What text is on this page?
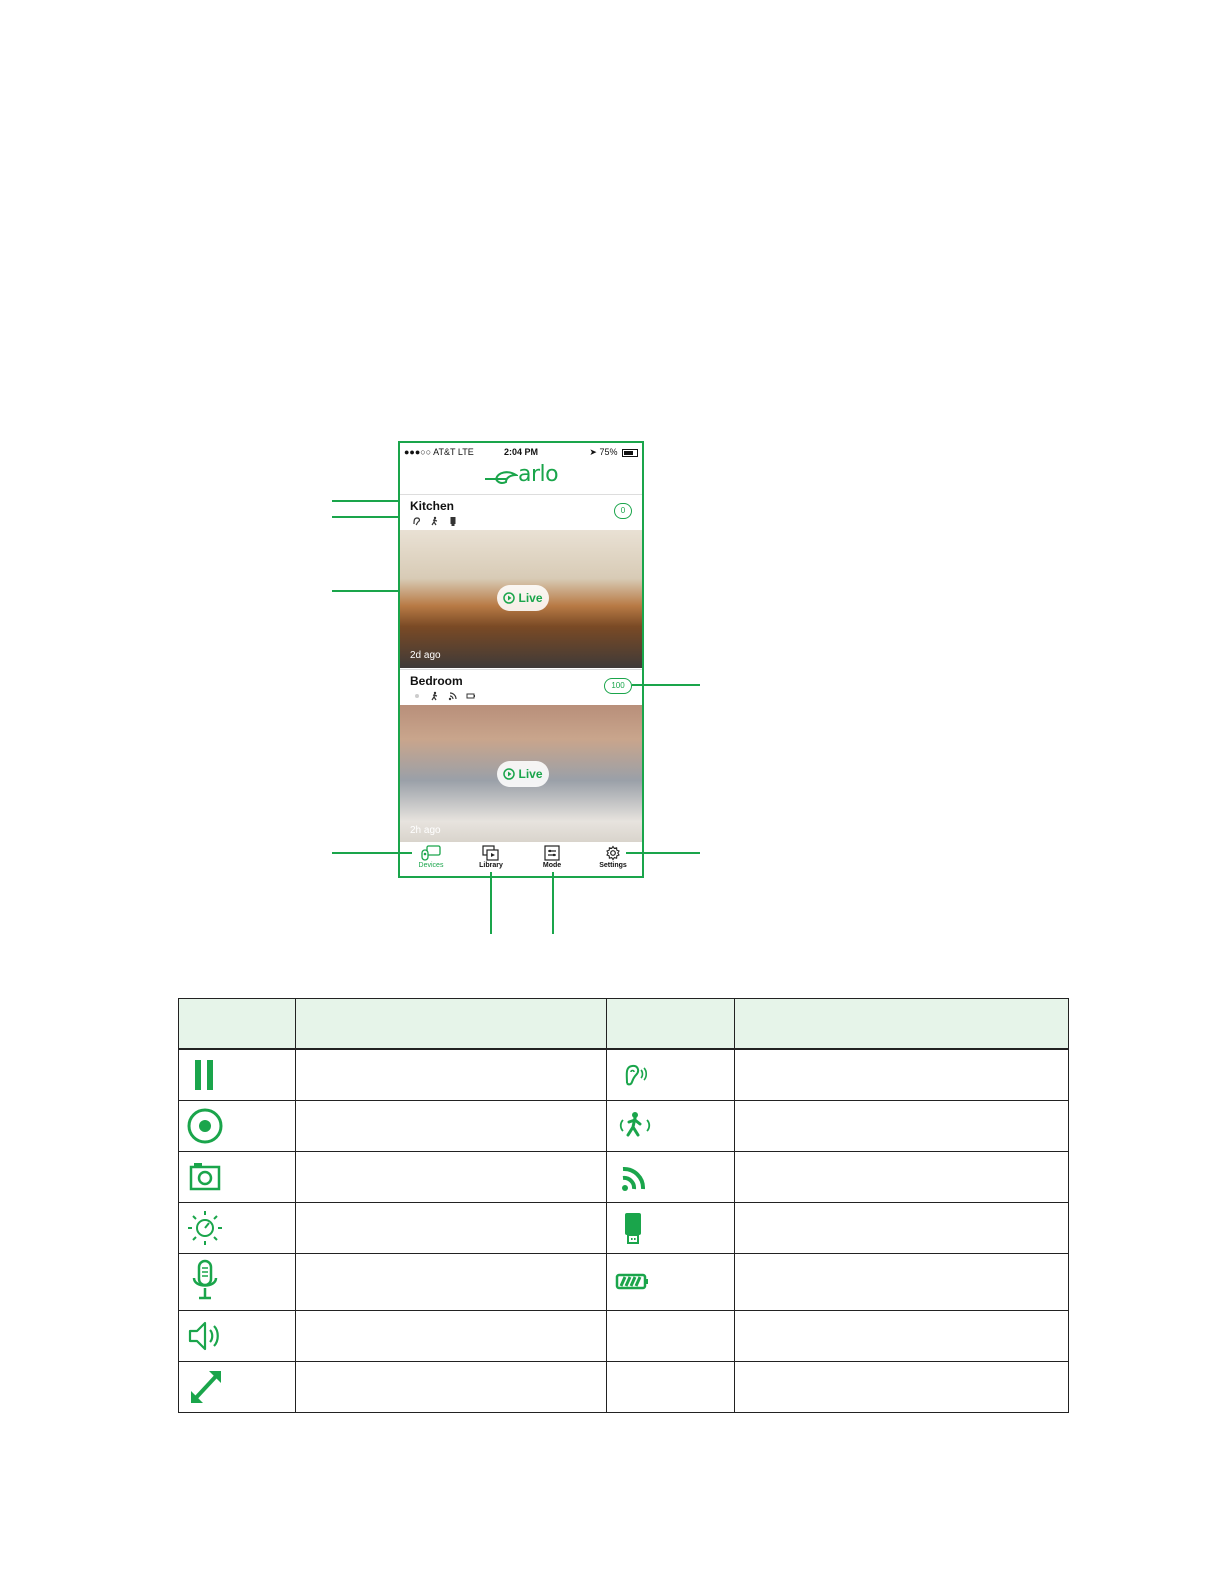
●●●○○ AT&T LTE	2:04 PM	➤ 75%
arlo
Kitchen	0
Live
2d ago
Bedroom	100
Live
2h ago
Devices	Library	Mode	Settings
